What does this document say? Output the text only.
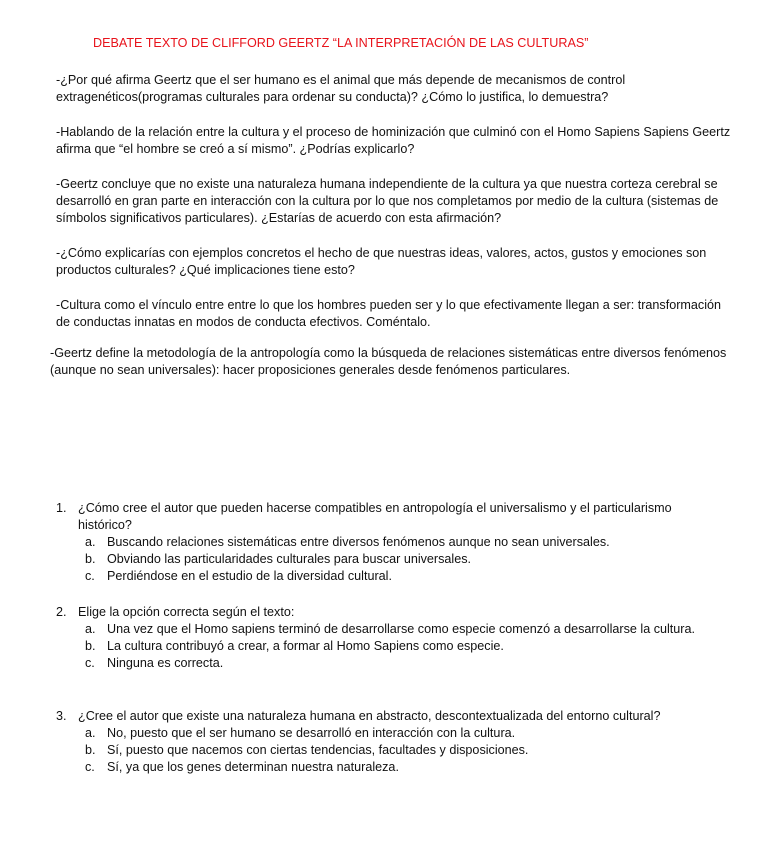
DEBATE TEXTO DE CLIFFORD GEERTZ “LA INTERPRETACIÓN DE LAS CULTURAS”

-¿Por qué afirma Geertz que el ser humano es el animal que más depende de mecanismos de control extragenéticos(programas culturales para ordenar su conducta)? ¿Cómo lo justifica, lo demuestra?

-Hablando de la relación entre la cultura y el proceso de hominización que culminó con el Homo Sapiens Sapiens Geertz afirma que “el hombre se creó a sí mismo”. ¿Podrías explicarlo?

-Geertz concluye que no existe una naturaleza humana independiente de la cultura ya que nuestra corteza cerebral se desarrolló en gran parte en interacción con la cultura por lo que nos completamos por medio de la cultura (sistemas de símbolos significativos particulares). ¿Estarías de acuerdo con esta afirmación?

-¿Cómo explicarías con ejemplos concretos el hecho de que nuestras ideas, valores, actos, gustos y emociones son productos culturales? ¿Qué implicaciones tiene esto?

-Cultura como el vínculo entre entre lo que los hombres pueden ser y lo que efectivamente llegan a ser: transformación de conductas innatas en modos de conducta efectivos. Coméntalo.

-Geertz define la metodología de la antropología como la búsqueda de relaciones sistemáticas entre diversos fenómenos (aunque no sean universales): hacer proposiciones generales desde fenómenos particulares.

1. ¿Cómo cree el autor que pueden hacerse compatibles en antropología el universalismo y el particularismo histórico?
a. Buscando relaciones sistemáticas entre diversos fenómenos aunque no sean universales.
b. Obviando las particularidades culturales para buscar universales.
c. Perdiéndose en el estudio de la diversidad cultural.
2. Elige la opción correcta según el texto:
a. Una vez que el Homo sapiens terminó de desarrollarse como especie comenzó a desarrollarse la cultura.
b. La cultura contribuyó a crear, a formar al Homo Sapiens como especie.
c. Ninguna es correcta.
3. ¿Cree el autor que existe una naturaleza humana en abstracto, descontextualizada del entorno cultural?
a. No, puesto que el ser humano se desarrolló en interacción con la cultura.
b. Sí, puesto que nacemos con ciertas tendencias, facultades y disposiciones.
c. Sí, ya que los genes determinan nuestra naturaleza.
